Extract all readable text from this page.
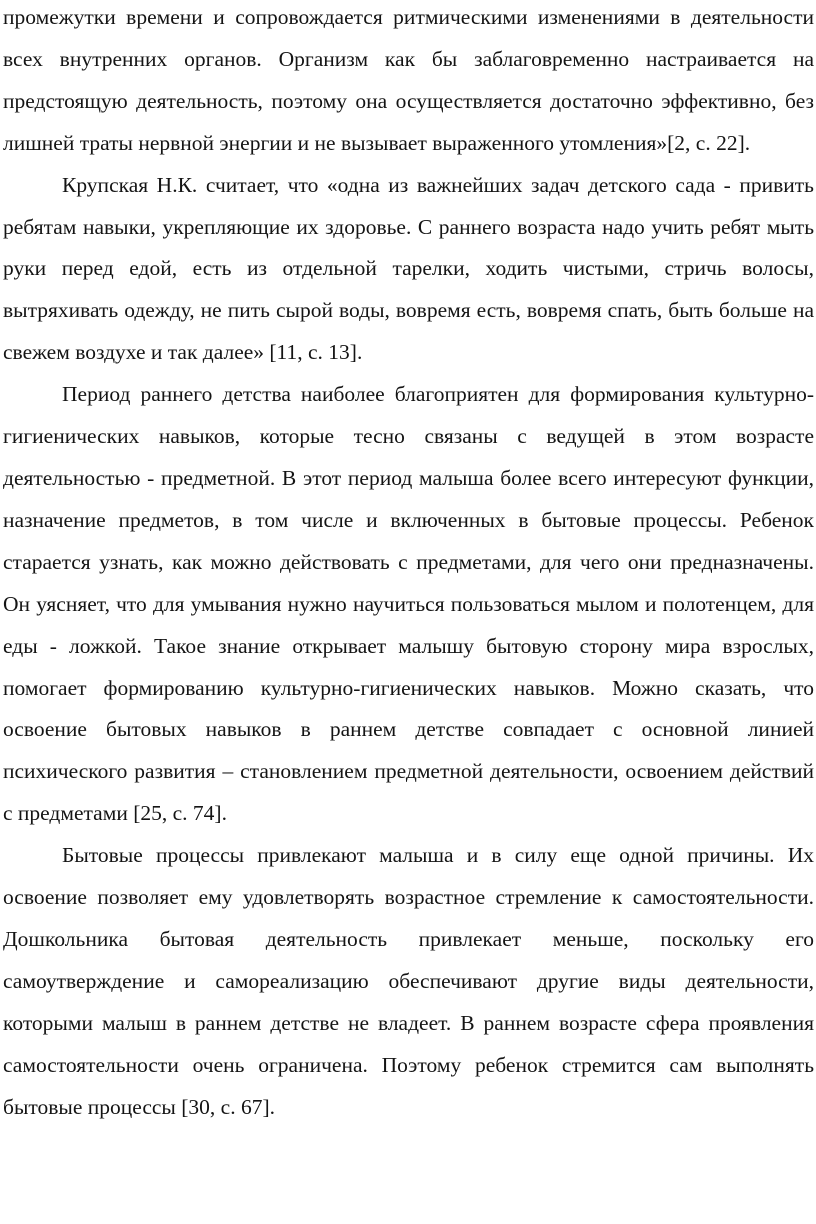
промежутки времени и сопровождается ритмическими изменениями в деятельности всех внутренних органов. Организм как бы заблаговременно настраивается на предстоящую деятельность, поэтому она осуществляется достаточно эффективно, без лишней траты нервной энергии и не вызывает выраженного утомления»[2, с. 22].

Крупская Н.К. считает, что «одна из важнейших задач детского сада - привить ребятам навыки, укрепляющие их здоровье. С раннего возраста надо учить ребят мыть руки перед едой, есть из отдельной тарелки, ходить чистыми, стричь волосы, вытряхивать одежду, не пить сырой воды, вовремя есть, вовремя спать, быть больше на свежем воздухе и так далее» [11, с. 13].

Период раннего детства наиболее благоприятен для формирования культурно-гигиенических навыков, которые тесно связаны с ведущей в этом возрасте деятельностью - предметной. В этот период малыша более всего интересуют функции, назначение предметов, в том числе и включенных в бытовые процессы. Ребенок старается узнать, как можно действовать с предметами, для чего они предназначены. Он уясняет, что для умывания нужно научиться пользоваться мылом и полотенцем, для еды - ложкой. Такое знание открывает малышу бытовую сторону мира взрослых, помогает формированию культурно-гигиенических навыков. Можно сказать, что освоение бытовых навыков в раннем детстве совпадает с основной линией психического развития – становлением предметной деятельности, освоением действий с предметами [25, с. 74].

Бытовые процессы привлекают малыша и в силу еще одной причины. Их освоение позволяет ему удовлетворять возрастное стремление к самостоятельности. Дошкольника бытовая деятельность привлекает меньше, поскольку его самоутверждение и самореализацию обеспечивают другие виды деятельности, которыми малыш в раннем детстве не владеет. В раннем возрасте сфера проявления самостоятельности очень ограничена. Поэтому ребенок стремится сам выполнять бытовые процессы [30, с. 67].
